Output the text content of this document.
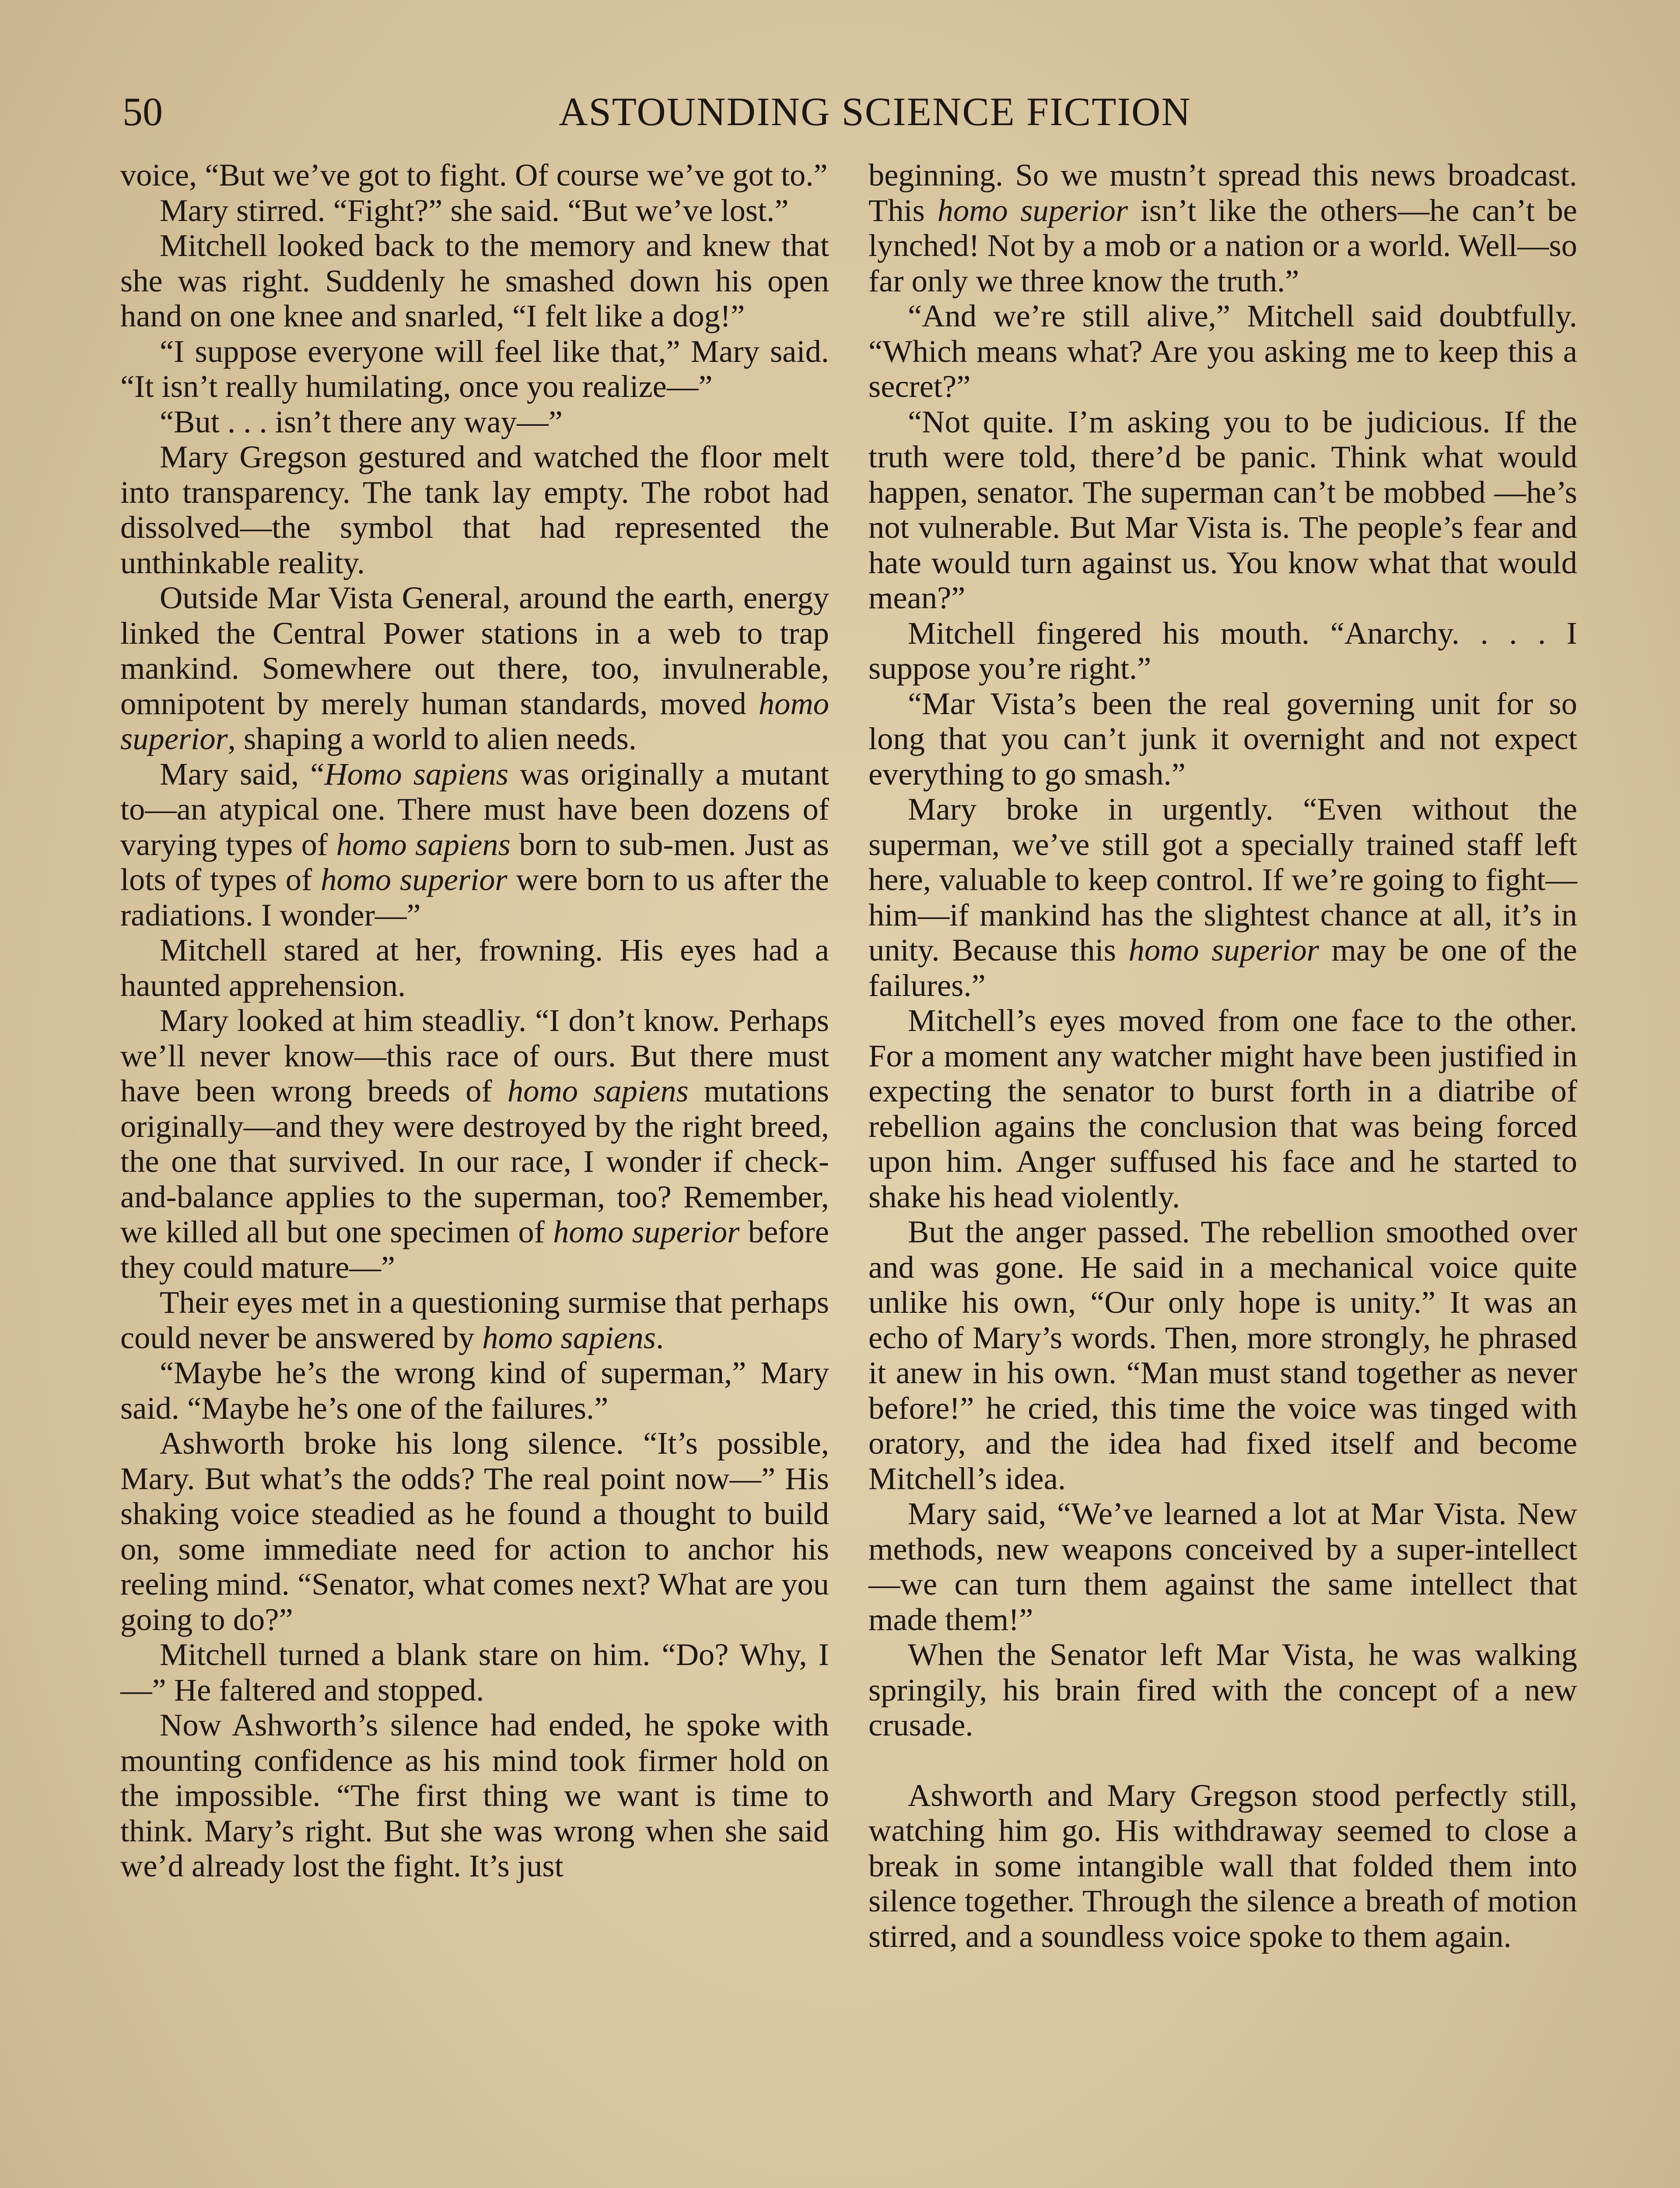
50	ASTOUNDING SCIENCE FICTION

voice, “But we’ve got to fight. Of course we’ve got to.”

Mary stirred. “Fight?” she said. “But we’ve lost.”

Mitchell looked back to the memory and knew that she was right. Suddenly he smashed down his open hand on one knee and snarled, “I felt like a dog!”

“I suppose everyone will feel like that,” Mary said. “It isn’t really humilating, once you realize—”

“But . . . isn’t there any way—”

Mary Gregson gestured and watched the floor melt into transparency. The tank lay empty. The robot had dissolved—the symbol that had represented the unthinkable reality.

Outside Mar Vista General, around the earth, energy linked the Central Power stations in a web to trap mankind. Somewhere out there, too, invulnerable, omnipotent by merely human standards, moved homo superior, shaping a world to alien needs.

Mary said, “Homo sapiens was originally a mutant to—an atypical one. There must have been dozens of varying types of homo sapiens born to sub-men. Just as lots of types of homo superior were born to us after the radiations. I wonder—”

Mitchell stared at her, frowning. His eyes had a haunted apprehension.

Mary looked at him steadliy. “I don’t know. Perhaps we’ll never know—this race of ours. But there must have been wrong breeds of homo sapiens mutations originally—and they were destroyed by the right breed, the one that survived. In our race, I wonder if check-and-balance applies to the superman, too? Remember, we killed all but one specimen of homo superior before they could mature—”

Their eyes met in a questioning surmise that perhaps could never be answered by homo sapiens.

“Maybe he’s the wrong kind of superman,” Mary said. “Maybe he’s one of the failures.”

Ashworth broke his long silence. “It’s possible, Mary. But what’s the odds? The real point now—” His shaking voice steadied as he found a thought to build on, some immediate need for action to anchor his reeling mind. “Senator, what comes next? What are you going to do?”

Mitchell turned a blank stare on him. “Do? Why, I—” He faltered and stopped.

Now Ashworth’s silence had ended, he spoke with mounting confidence as his mind took firmer hold on the impossible. “The first thing we want is time to think. Mary’s right. But she was wrong when she said we’d already lost the fight. It’s just

beginning. So we mustn’t spread this news broadcast. This homo superior isn’t like the others—he can’t be lynched! Not by a mob or a nation or a world. Well—so far only we three know the truth.”

“And we’re still alive,” Mitchell said doubtfully. “Which means what? Are you asking me to keep this a secret?”

“Not quite. I’m asking you to be judicious. If the truth were told, there’d be panic. Think what would happen, senator. The superman can’t be mobbed —he’s not vulnerable. But Mar Vista is. The people’s fear and hate would turn against us. You know what that would mean?”

Mitchell fingered his mouth. “Anarchy. . . . I suppose you’re right.”

“Mar Vista’s been the real governing unit for so long that you can’t junk it overnight and not expect everything to go smash.”

Mary broke in urgently. “Even without the superman, we’ve still got a specially trained staff left here, valuable to keep control. If we’re going to fight—him—if mankind has the slightest chance at all, it’s in unity. Because this homo superior may be one of the failures.”

Mitchell’s eyes moved from one face to the other. For a moment any watcher might have been justified in expecting the senator to burst forth in a diatribe of rebellion agains the conclusion that was being forced upon him. Anger suffused his face and he started to shake his head violently.

But the anger passed. The rebellion smoothed over and was gone. He said in a mechanical voice quite unlike his own, “Our only hope is unity.” It was an echo of Mary’s words. Then, more strongly, he phrased it anew in his own. “Man must stand together as never before!” he cried, this time the voice was tinged with oratory, and the idea had fixed itself and become Mitchell’s idea.

Mary said, “We’ve learned a lot at Mar Vista. New methods, new weapons conceived by a super-intellect—we can turn them against the same intellect that made them!”

When the Senator left Mar Vista, he was walking springily, his brain fired with the concept of a new crusade.

Ashworth and Mary Gregson stood perfectly still, watching him go. His withdraway seemed to close a break in some intangible wall that folded them into silence together. Through the silence a breath of motion stirred, and a soundless voice spoke to them again.
